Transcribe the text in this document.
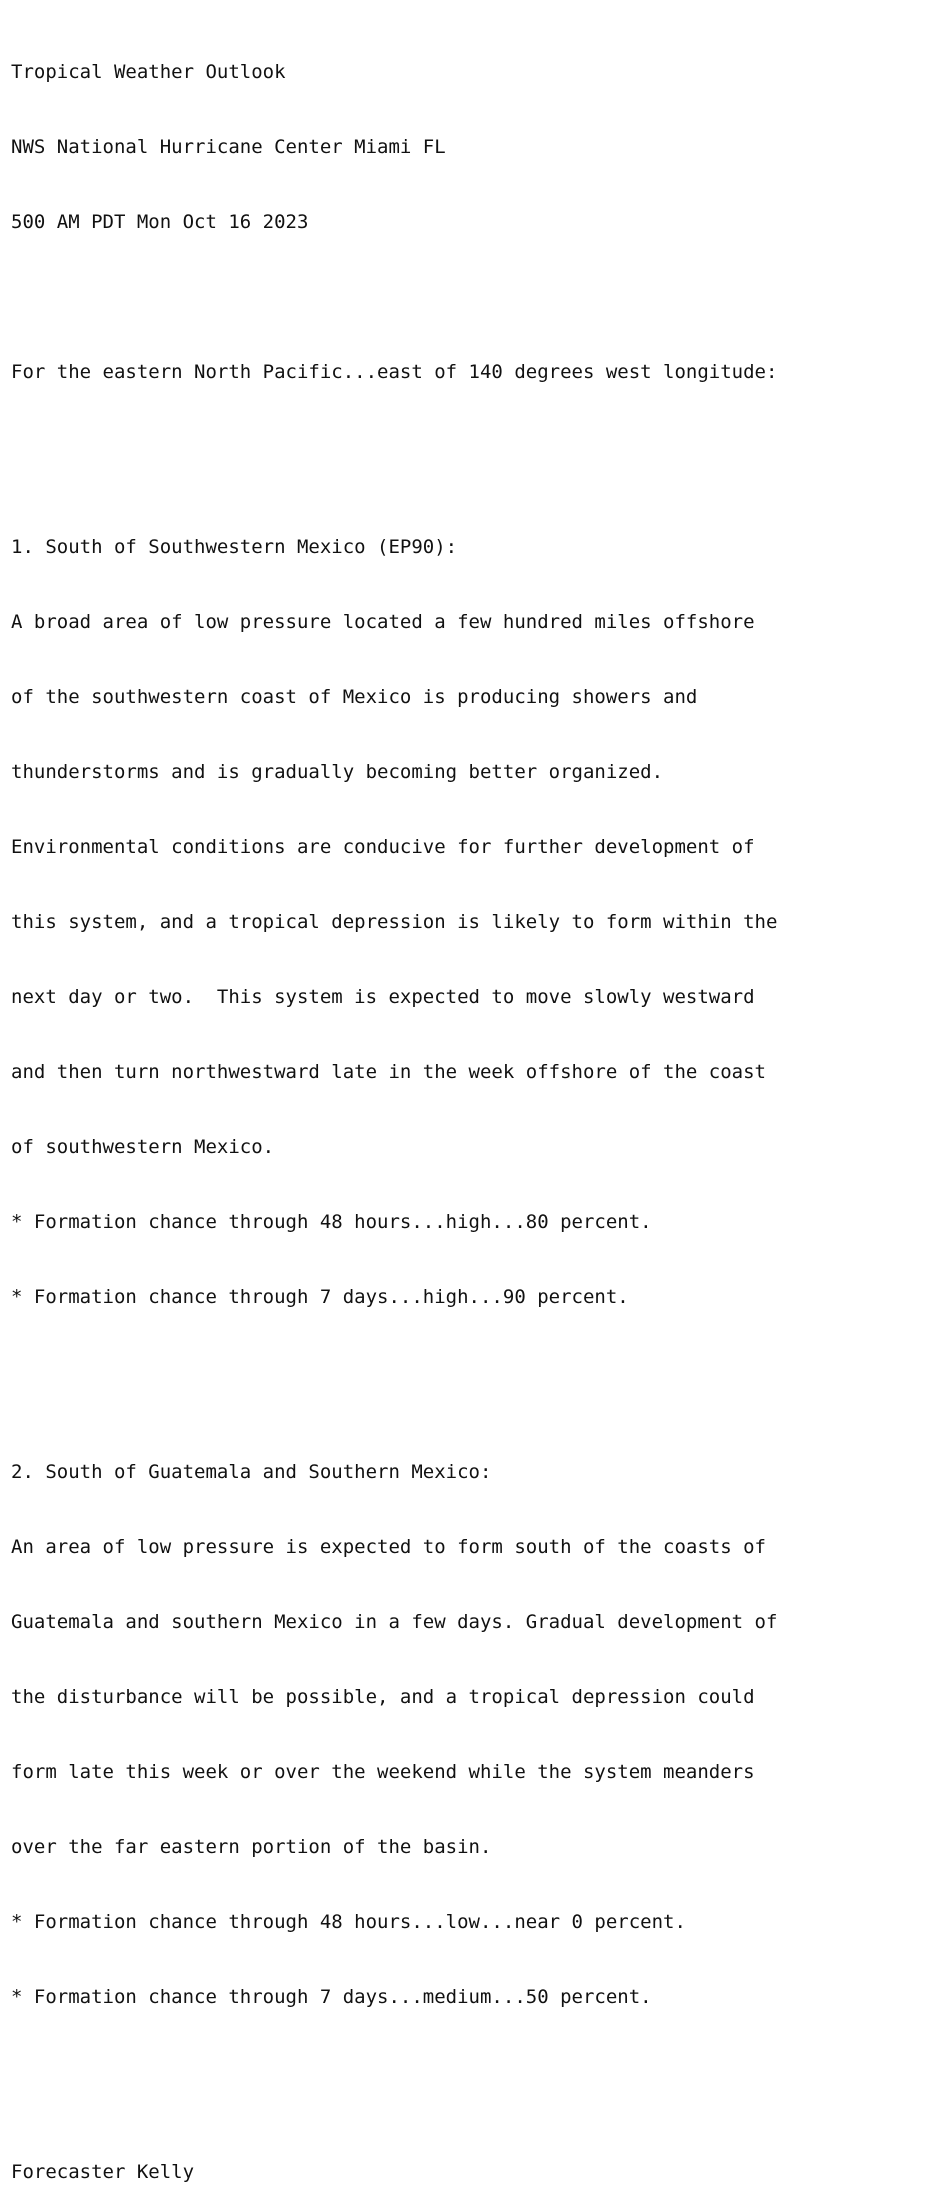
Tropical Weather Outlook

NWS National Hurricane Center Miami FL

500 AM PDT Mon Oct 16 2023

For the eastern North Pacific...east of 140 degrees west longitude:

1. South of Southwestern Mexico (EP90):

A broad area of low pressure located a few hundred miles offshore

of the southwestern coast of Mexico is producing showers and

thunderstorms and is gradually becoming better organized.

Environmental conditions are conducive for further development of

this system, and a tropical depression is likely to form within the

next day or two.  This system is expected to move slowly westward

and then turn northwestward late in the week offshore of the coast

of southwestern Mexico.

* Formation chance through 48 hours...high...80 percent.

* Formation chance through 7 days...high...90 percent.

2. South of Guatemala and Southern Mexico:

An area of low pressure is expected to form south of the coasts of

Guatemala and southern Mexico in a few days. Gradual development of

the disturbance will be possible, and a tropical depression could

form late this week or over the weekend while the system meanders

over the far eastern portion of the basin.

* Formation chance through 48 hours...low...near 0 percent.

* Formation chance through 7 days...medium...50 percent.

Forecaster Kelly
